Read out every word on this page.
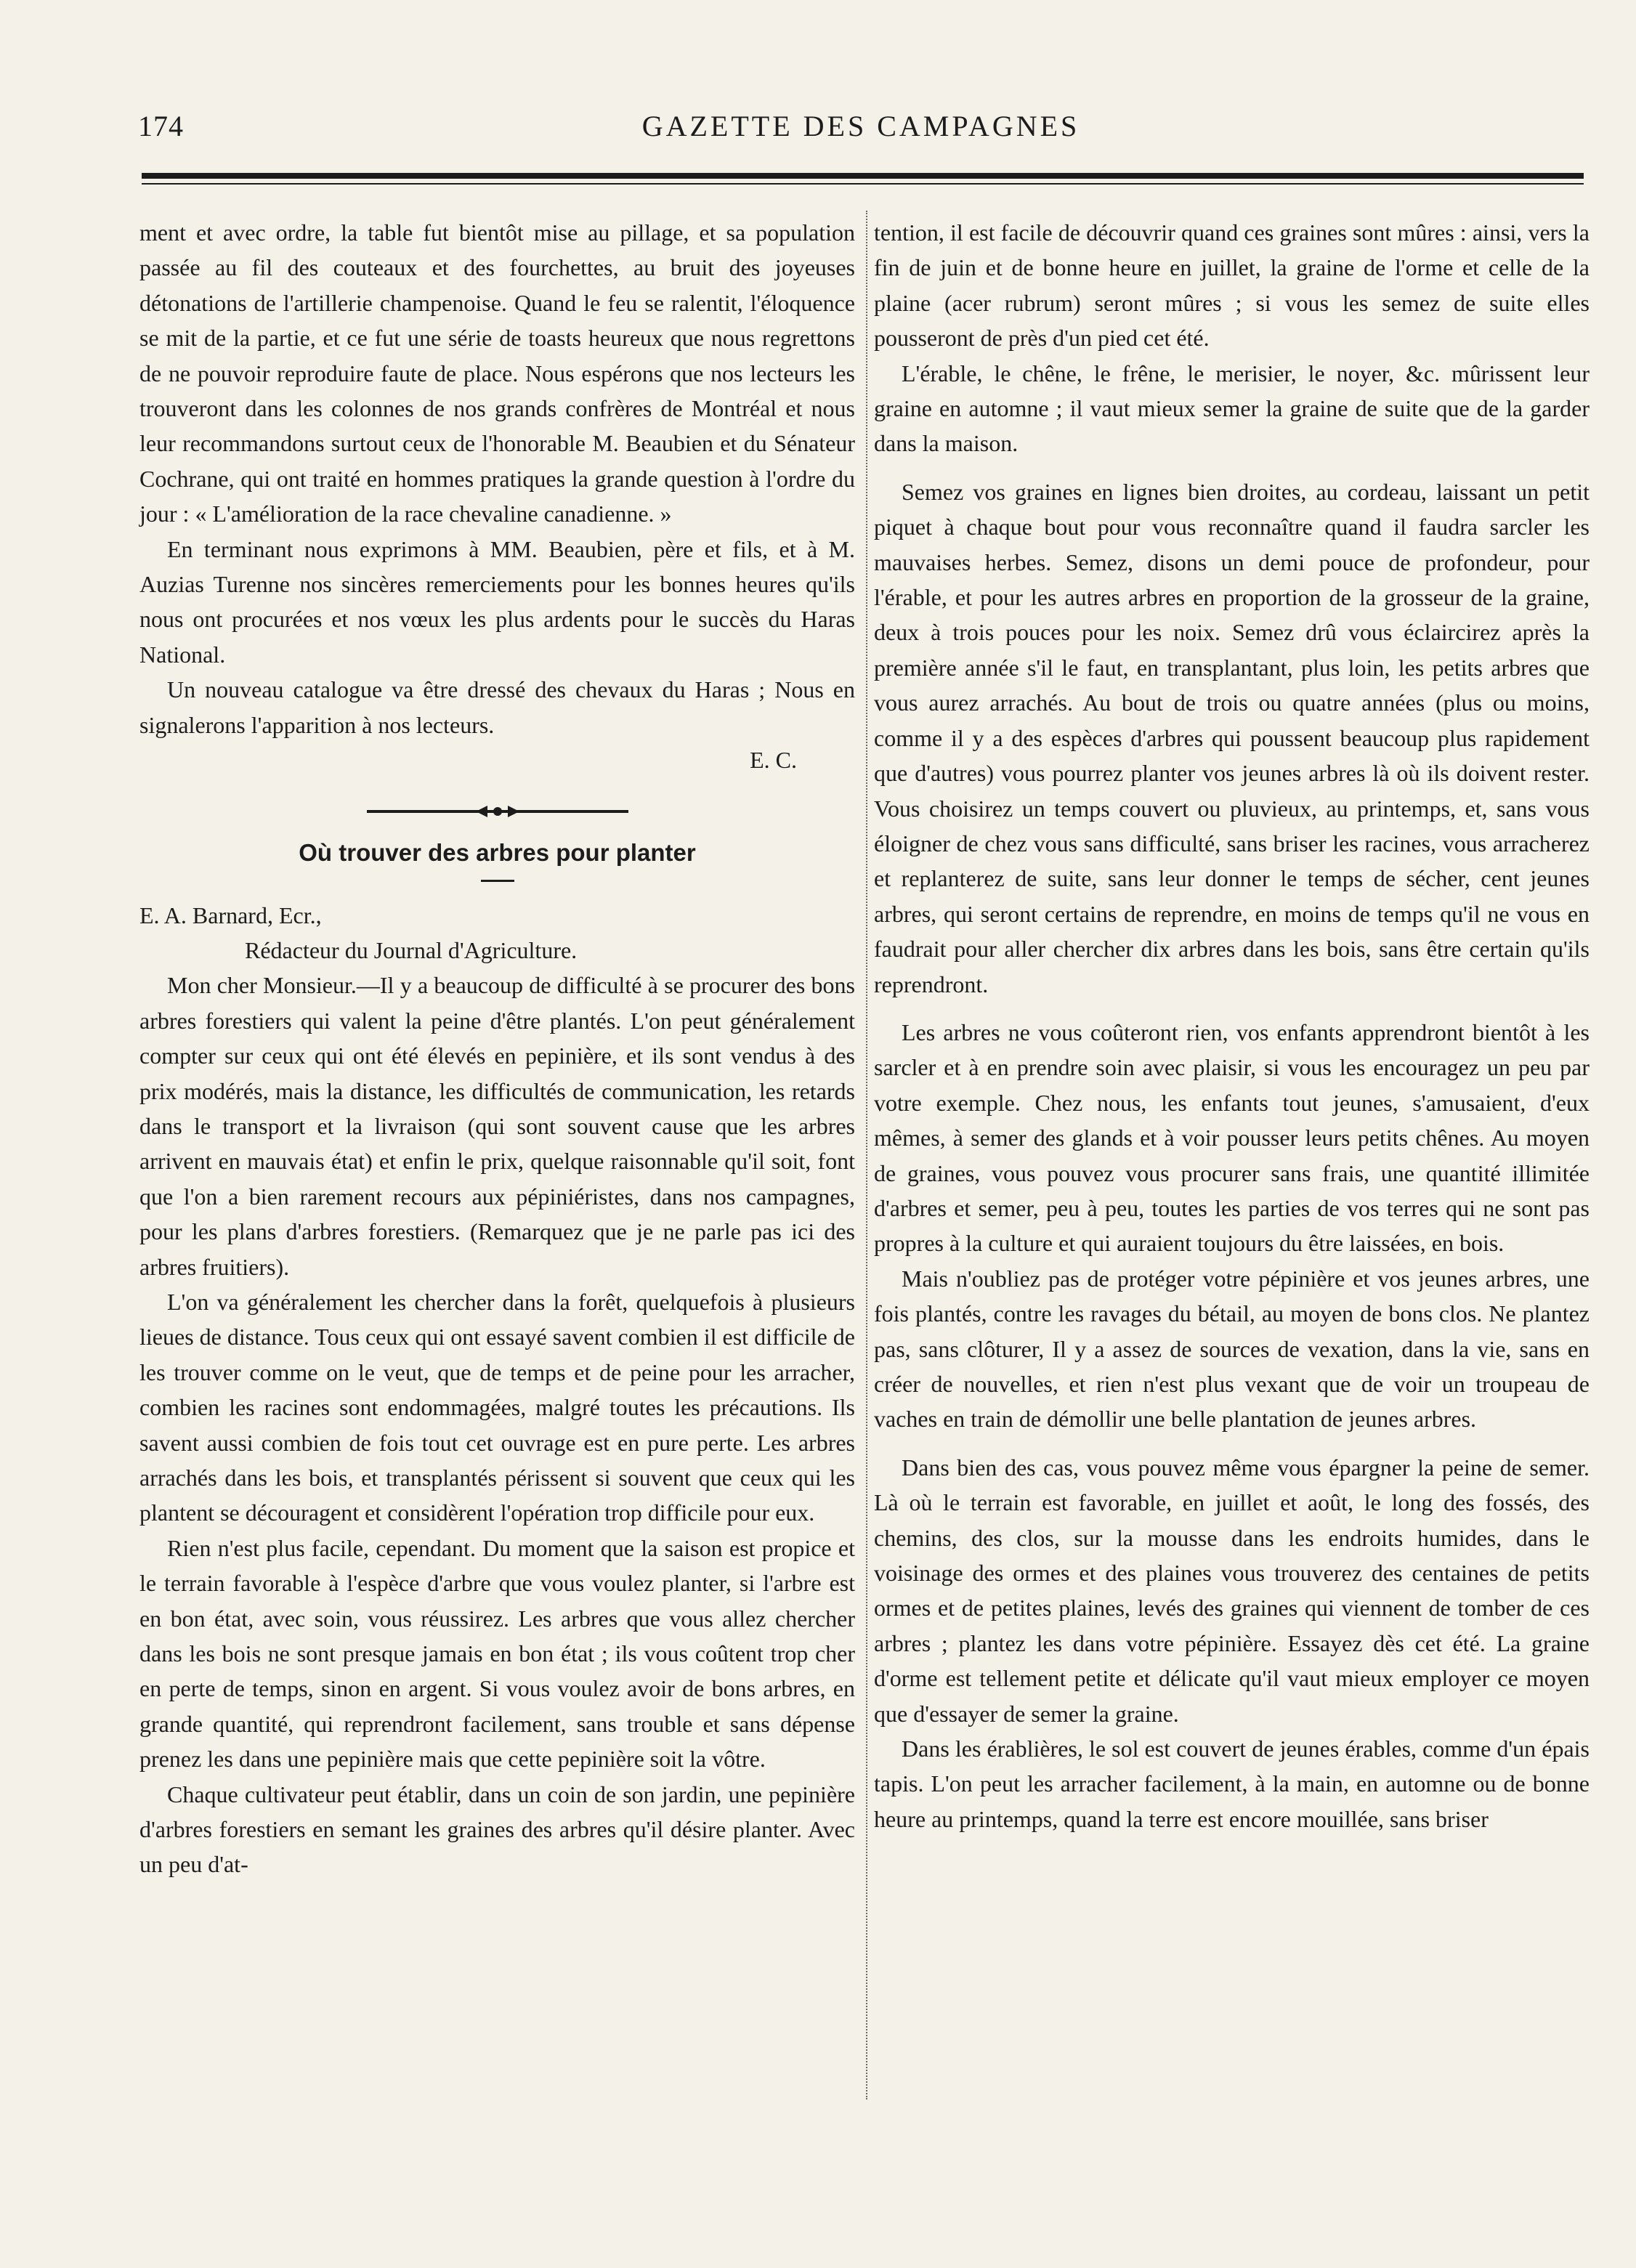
174	GAZETTE DES CAMPAGNES

ment et avec ordre, la table fut bientôt mise au pillage, et sa population passée au fil des couteaux et des fourchettes, au bruit des joyeuses détonations de l'artillerie champenoise. Quand le feu se ralentit, l'éloquence se mit de la partie, et ce fut une série de toasts heureux que nous regrettons de ne pouvoir reproduire faute de place. Nous espérons que nos lecteurs les trouveront dans les colonnes de nos grands confrères de Montréal et nous leur recommandons surtout ceux de l'honorable M. Beaubien et du Sénateur Cochrane, qui ont traité en hommes pratiques la grande question à l'ordre du jour : « L'amélioration de la race chevaline canadienne. »

En terminant nous exprimons à MM. Beaubien, père et fils, et à M. Auzias Turenne nos sincères remerciements pour les bonnes heures qu'ils nous ont procurées et nos vœux les plus ardents pour le succès du Haras National.

Un nouveau catalogue va être dressé des chevaux du Haras ; Nous en signalerons l'apparition à nos lecteurs.

E. C.

Où trouver des arbres pour planter

E. A. Barnard, Ecr.,

Rédacteur du Journal d'Agriculture.

Mon cher Monsieur.—Il y a beaucoup de difficulté à se procurer des bons arbres forestiers qui valent la peine d'être plantés. L'on peut généralement compter sur ceux qui ont été élevés en pepinière, et ils sont vendus à des prix modérés, mais la distance, les difficultés de communication, les retards dans le transport et la livraison (qui sont souvent cause que les arbres arrivent en mauvais état) et enfin le prix, quelque raisonnable qu'il soit, font que l'on a bien rarement recours aux pépiniéristes, dans nos campagnes, pour les plans d'arbres forestiers. (Remarquez que je ne parle pas ici des arbres fruitiers).

L'on va généralement les chercher dans la forêt, quelquefois à plusieurs lieues de distance. Tous ceux qui ont essayé savent combien il est difficile de les trouver comme on le veut, que de temps et de peine pour les arracher, combien les racines sont endommagées, malgré toutes les précautions. Ils savent aussi combien de fois tout cet ouvrage est en pure perte. Les arbres arrachés dans les bois, et transplantés périssent si souvent que ceux qui les plantent se découragent et considèrent l'opération trop difficile pour eux.

Rien n'est plus facile, cependant. Du moment que la saison est propice et le terrain favorable à l'espèce d'arbre que vous voulez planter, si l'arbre est en bon état, avec soin, vous réussirez. Les arbres que vous allez chercher dans les bois ne sont presque jamais en bon état ; ils vous coûtent trop cher en perte de temps, sinon en argent. Si vous voulez avoir de bons arbres, en grande quantité, qui reprendront facilement, sans trouble et sans dépense prenez les dans une pepinière mais que cette pepinière soit la vôtre.

Chaque cultivateur peut établir, dans un coin de son jardin, une pepinière d'arbres forestiers en semant les graines des arbres qu'il désire planter. Avec un peu d'at-

tention, il est facile de découvrir quand ces graines sont mûres : ainsi, vers la fin de juin et de bonne heure en juillet, la graine de l'orme et celle de la plaine (acer rubrum) seront mûres ; si vous les semez de suite elles pousseront de près d'un pied cet été.

L'érable, le chêne, le frêne, le merisier, le noyer, &c. mûrissent leur graine en automne ; il vaut mieux semer la graine de suite que de la garder dans la maison.

Semez vos graines en lignes bien droites, au cordeau, laissant un petit piquet à chaque bout pour vous reconnaître quand il faudra sarcler les mauvaises herbes. Semez, disons un demi pouce de profondeur, pour l'érable, et pour les autres arbres en proportion de la grosseur de la graine, deux à trois pouces pour les noix. Semez drû vous éclaircirez après la première année s'il le faut, en transplantant, plus loin, les petits arbres que vous aurez arrachés. Au bout de trois ou quatre années (plus ou moins, comme il y a des espèces d'arbres qui poussent beaucoup plus rapidement que d'autres) vous pourrez planter vos jeunes arbres là où ils doivent rester. Vous choisirez un temps couvert ou pluvieux, au printemps, et, sans vous éloigner de chez vous sans difficulté, sans briser les racines, vous arracherez et replanterez de suite, sans leur donner le temps de sécher, cent jeunes arbres, qui seront certains de reprendre, en moins de temps qu'il ne vous en faudrait pour aller chercher dix arbres dans les bois, sans être certain qu'ils reprendront.

Les arbres ne vous coûteront rien, vos enfants apprendront bientôt à les sarcler et à en prendre soin avec plaisir, si vous les encouragez un peu par votre exemple. Chez nous, les enfants tout jeunes, s'amusaient, d'eux mêmes, à semer des glands et à voir pousser leurs petits chênes. Au moyen de graines, vous pouvez vous procurer sans frais, une quantité illimitée d'arbres et semer, peu à peu, toutes les parties de vos terres qui ne sont pas propres à la culture et qui auraient toujours du être laissées, en bois.

Mais n'oubliez pas de protéger votre pépinière et vos jeunes arbres, une fois plantés, contre les ravages du bétail, au moyen de bons clos. Ne plantez pas, sans clôturer, Il y a assez de sources de vexation, dans la vie, sans en créer de nouvelles, et rien n'est plus vexant que de voir un troupeau de vaches en train de démollir une belle plantation de jeunes arbres.

Dans bien des cas, vous pouvez même vous épargner la peine de semer. Là où le terrain est favorable, en juillet et août, le long des fossés, des chemins, des clos, sur la mousse dans les endroits humides, dans le voisinage des ormes et des plaines vous trouverez des centaines de petits ormes et de petites plaines, levés des graines qui viennent de tomber de ces arbres ; plantez les dans votre pépinière. Essayez dès cet été. La graine d'orme est tellement petite et délicate qu'il vaut mieux employer ce moyen que d'essayer de semer la graine.

Dans les érablières, le sol est couvert de jeunes érables, comme d'un épais tapis. L'on peut les arracher facilement, à la main, en automne ou de bonne heure au printemps, quand la terre est encore mouillée, sans briser
